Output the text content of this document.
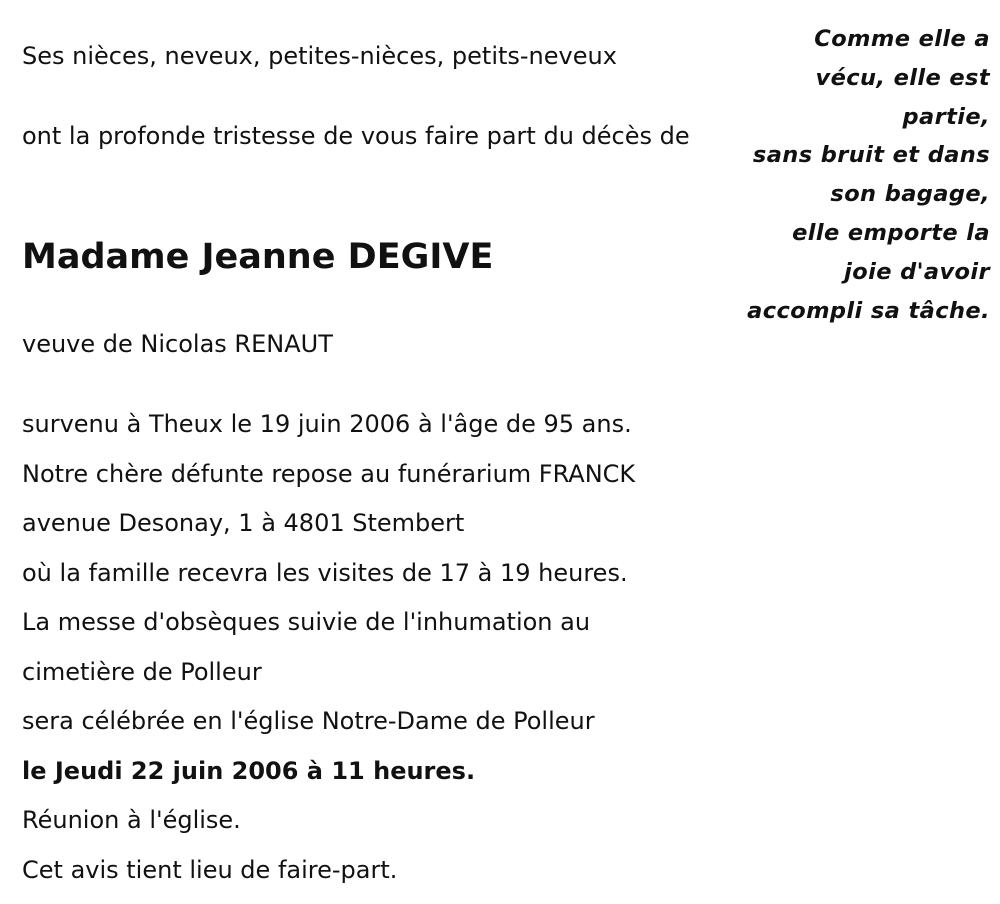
Ses nièces, neveux, petites-nièces, petits-neveux

ont la profonde tristesse de vous faire part du décès de

Madame Jeanne DEGIVE

veuve de Nicolas RENAUT

survenu à Theux le 19 juin 2006 à l'âge de 95 ans.

Notre chère défunte repose au funérarium FRANCK

avenue Desonay, 1 à 4801 Stembert

où la famille recevra les visites de 17 à 19 heures.

La messe d'obsèques suivie de l'inhumation au

cimetière de Polleur

sera célébrée en l'église Notre-Dame de Polleur

le Jeudi 22 juin 2006 à 11 heures.

Réunion à l'église.

Cet avis tient lieu de faire-part.

Comme elle a
vécu, elle est
partie,
sans bruit et dans
son bagage,
elle emporte la
joie d'avoir
accompli sa tâche.
